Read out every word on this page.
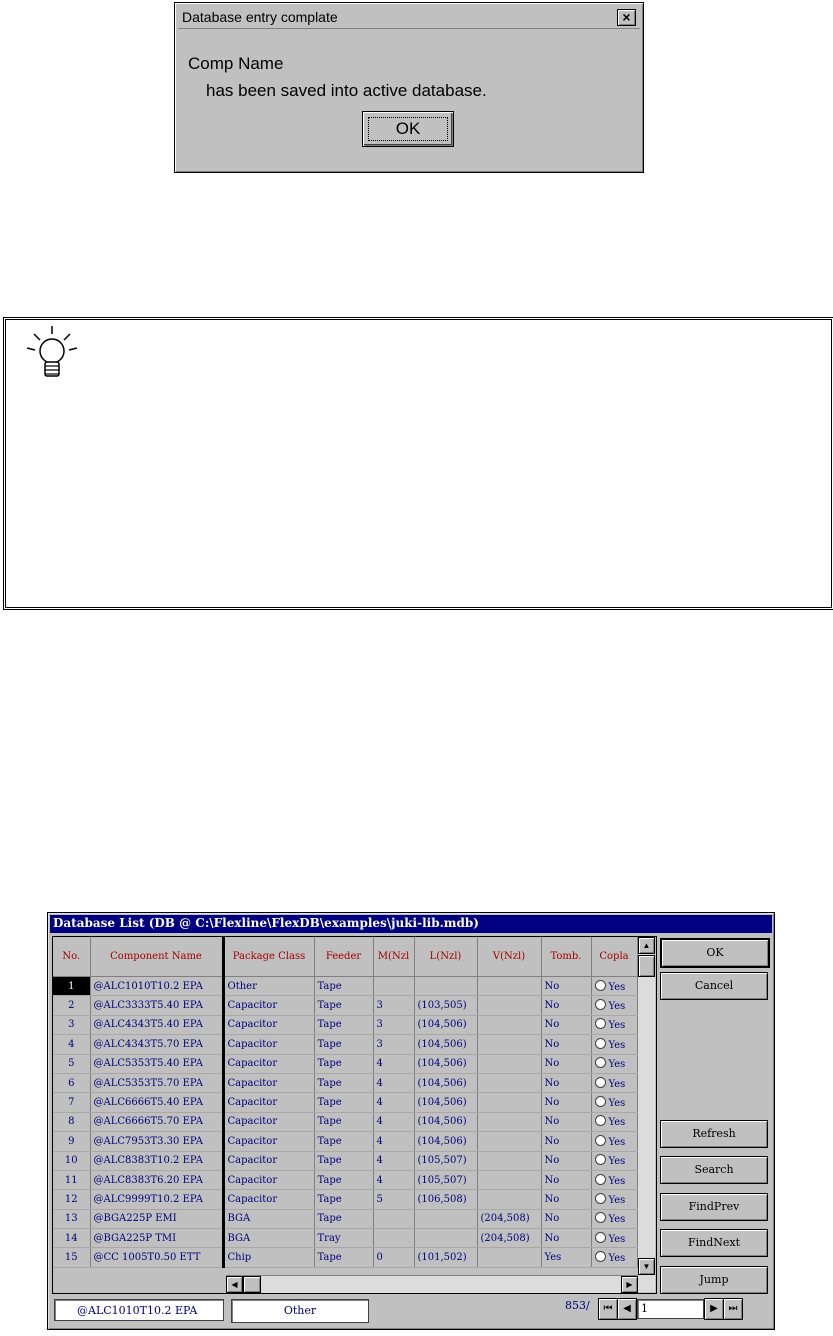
Database entry complate	×
Comp Name
has been saved into active database.
OK
Database List (DB @ C:\Flexline\FlexDB\examples\juki-lib.mdb)
No.	Component Name	Package Class	Feeder	M(Nzl	L(Nzl)	V(Nzl)	Tomb.	Copla
1	@ALC1010T10.2 EPA	Other	Tape				No	Yes
2	@ALC3333T5.40 EPA	Capacitor	Tape	3	(103,505)		No	Yes
3	@ALC4343T5.40 EPA	Capacitor	Tape	3	(104,506)		No	Yes
4	@ALC4343T5.70 EPA	Capacitor	Tape	3	(104,506)		No	Yes
5	@ALC5353T5.40 EPA	Capacitor	Tape	4	(104,506)		No	Yes
6	@ALC5353T5.70 EPA	Capacitor	Tape	4	(104,506)		No	Yes
7	@ALC6666T5.40 EPA	Capacitor	Tape	4	(104,506)		No	Yes
8	@ALC6666T5.70 EPA	Capacitor	Tape	4	(104,506)		No	Yes
9	@ALC7953T3.30 EPA	Capacitor	Tape	4	(104,506)		No	Yes
10	@ALC8383T10.2 EPA	Capacitor	Tape	4	(105,507)		No	Yes
11	@ALC8383T6.20 EPA	Capacitor	Tape	4	(105,507)		No	Yes
12	@ALC9999T10.2 EPA	Capacitor	Tape	5	(106,508)		No	Yes
13	@BGA225P EMI	BGA	Tape			(204,508)	No	Yes
14	@BGA225P TMI	BGA	Tray			(204,508)	No	Yes
15	@CC 1005T0.50 ETT	Chip	Tape	0	(101,502)		Yes	Yes
▲
▼
◀	▶
OK
Cancel
Refresh
Search
FindPrev
FindNext
Jump
@ALC1010T10.2 EPA	Other	853/	⏮	◀ 1	▶	⏭
